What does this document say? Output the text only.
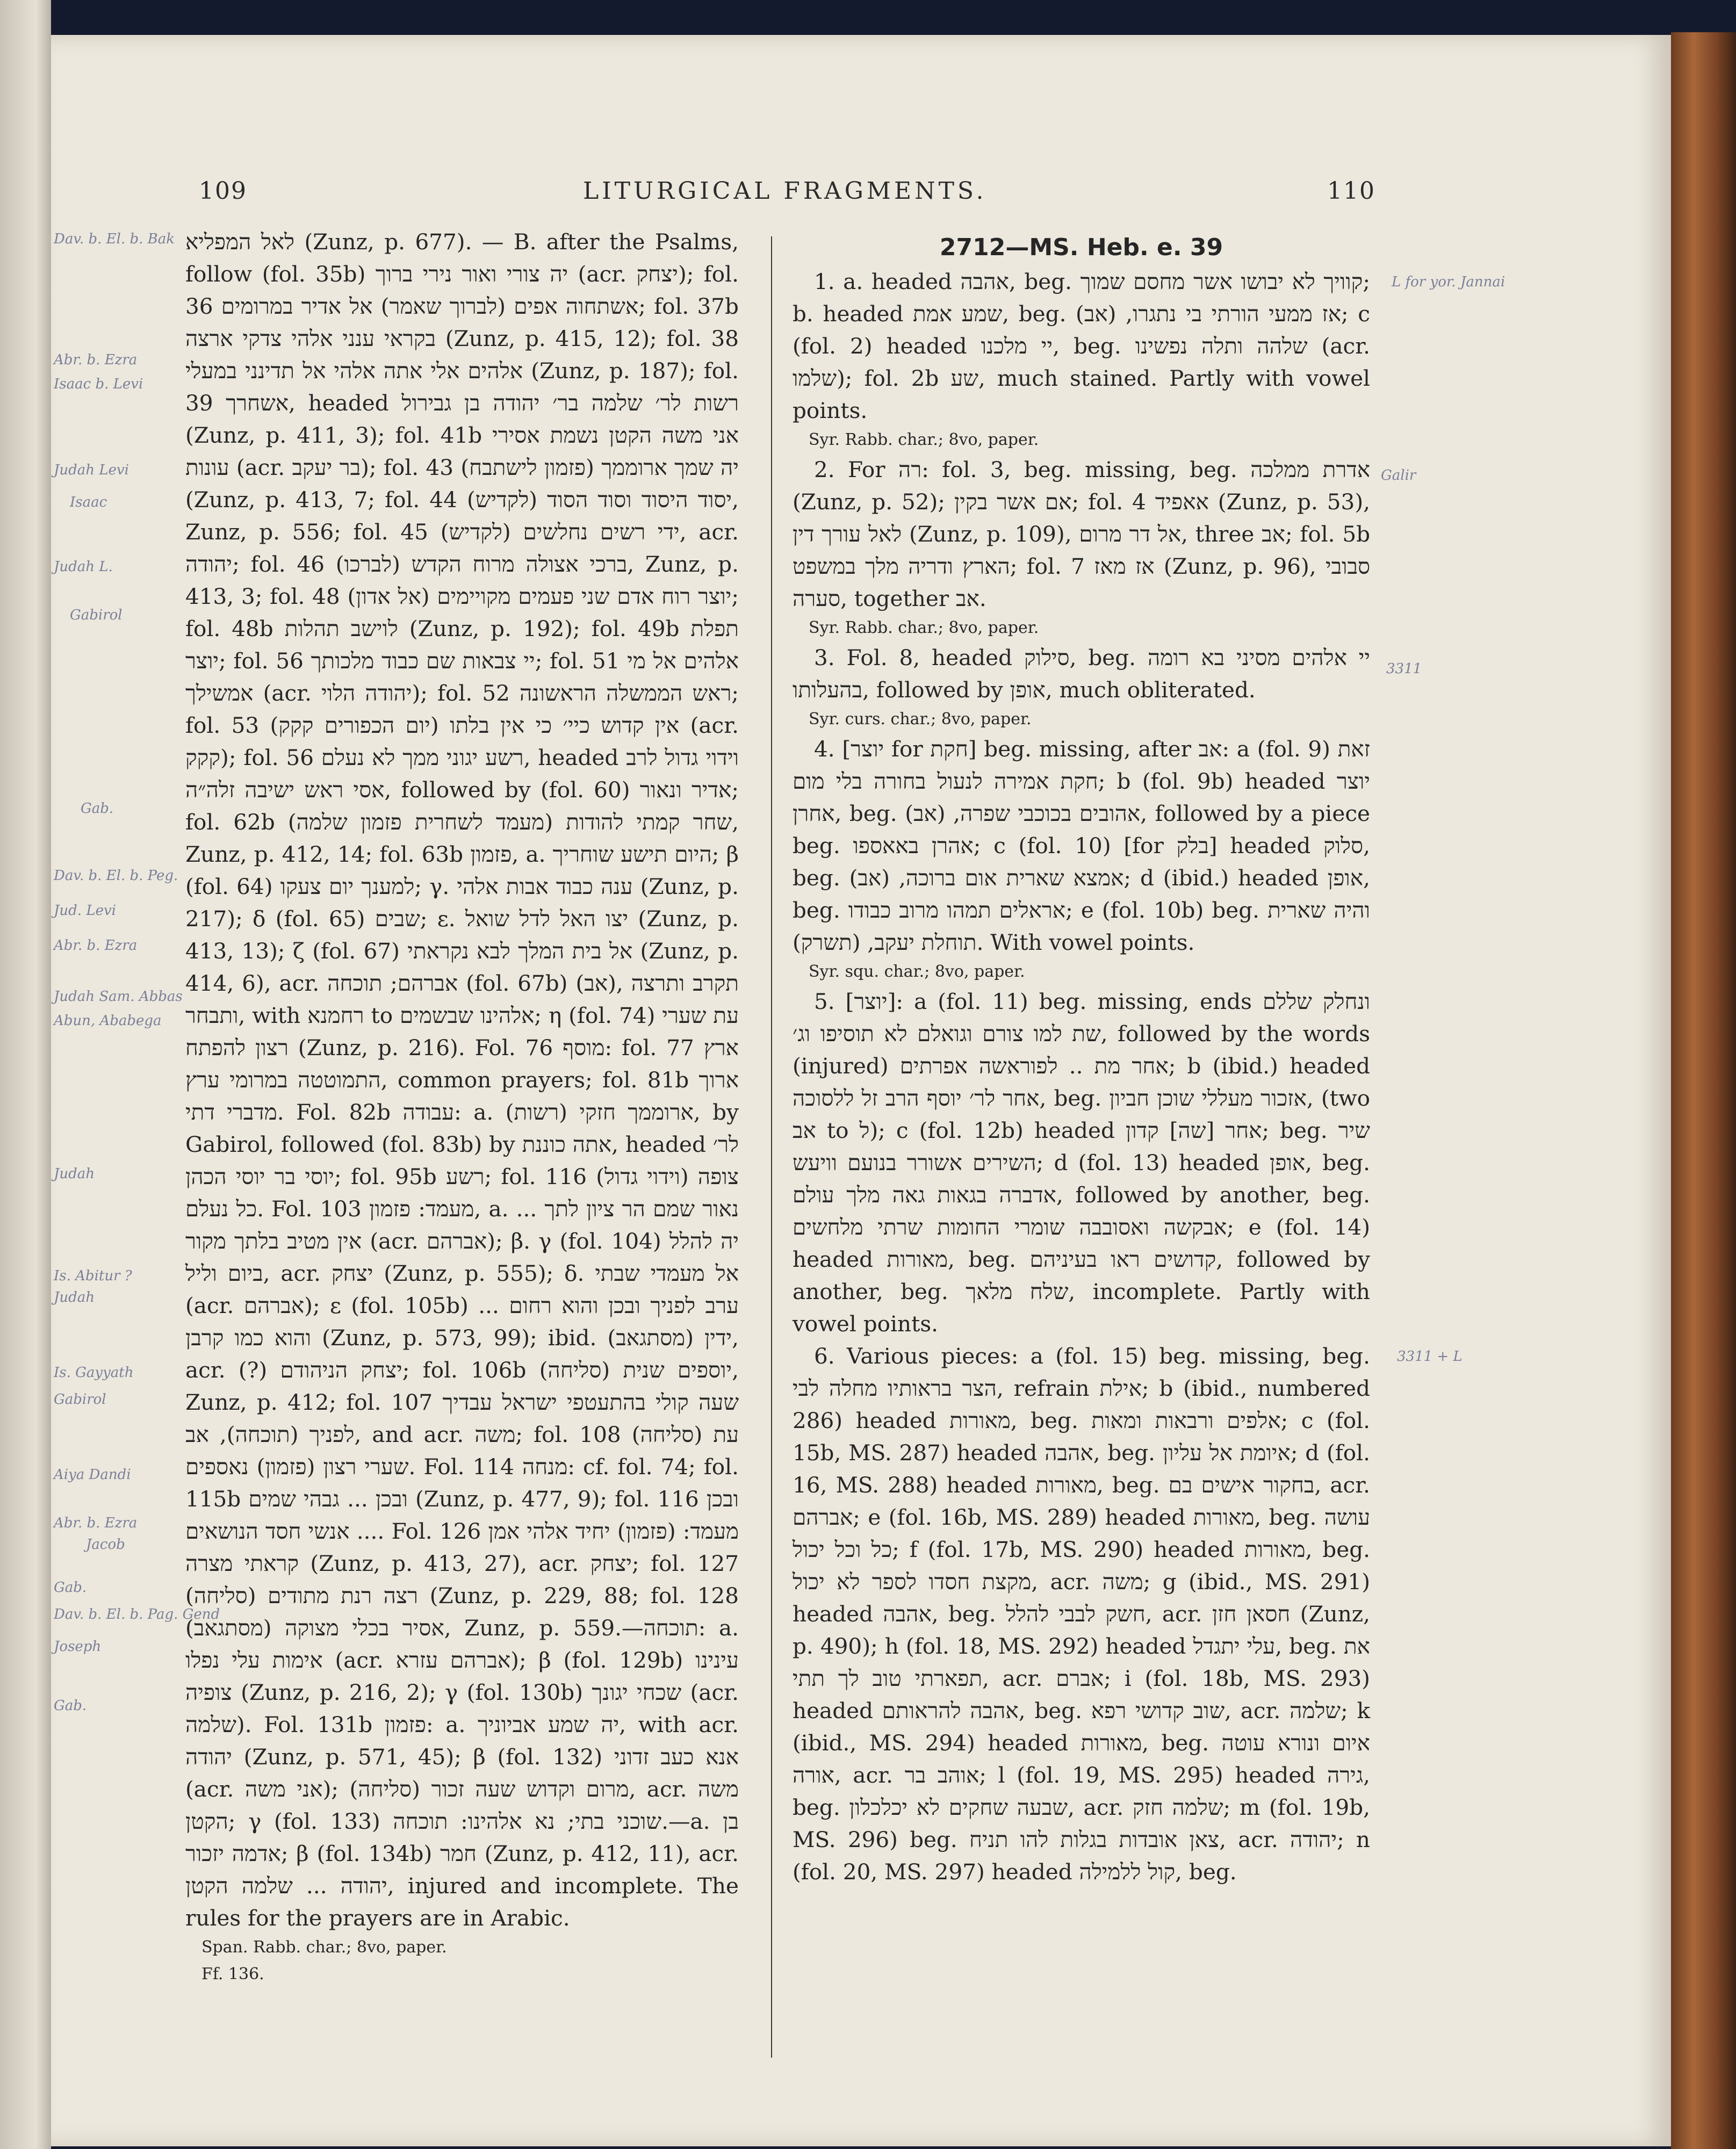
109	LITURGICAL FRAGMENTS.	110

לאל המפליא (Zunz, p. 677). — B. after the Psalms, follow (fol. 35b) יה צורי ואור נירי ברוך (acr. יצחק); fol. 36 אשתחוה אפים (לברוך שאמר) אל אדיר במרומים; fol. 37b בקראי ענני אלהי צדקי ארצה (Zunz, p. 415, 12); fol. 38 אלהים אלי אתה אלהי אל תדינני במעלי (Zunz, p. 187); fol. 39 אשחרך, headed רשות לר׳ שלמה בר׳ יהודה בן גבירול (Zunz, p. 411, 3); fol. 41b אני משה הקטן נשמת אסירי עונות (acr. בר יעקב); fol. 43 (פזמון לישתבח) יה שמך ארוממך (Zunz, p. 413, 7; fol. 44 (לקדיש) יסוד היסוד וסוד הסוד, Zunz, p. 556; fol. 45 (לקדיש) ידי רשים נחלשים, acr. יהודה; fol. 46 (לברכו) ברכי אצולה מרוח הקדש, Zunz, p. 413, 3; fol. 48 (אל אדון) יוצר רוח אדם שני פעמים מקויימים; fol. 48b לוישב תהלות (Zunz, p. 192); fol. 49b תפלת יוצר; fol. 56 יי צבאות שם כבוד מלכותך; fol. 51 אלהים אל מי אמשילך (acr. יהודה הלוי); fol. 52 ראש הממשלה הראשונה; fol. 53 (יום הכפורים קקק) אין קדוש כיי׳ כי אין בלתו (acr. קקק); fol. 56 רשע יגוני ממך לא נעלם, headed וידוי גדול לרב אסי ראש ישיבה זלה״ה, followed by (fol. 60) אדיר ונאור; fol. 62b (מעמד לשחרית פזמון שלמה) שחר קמתי להודות, Zunz, p. 412, 14; fol. 63b פזמון, a. היום תישע שוחריך; β (fol. 64) למענך יום צעקו; γ. ענה כבוד אבות אלהי (Zunz, p. 217); δ (fol. 65) שבים; ε. יצו האל לדל שואל (Zunz, p. 413, 13); ζ (fol. 67) אל בית המלך לבא נקראתי (Zunz, p. 414, 6), acr. אברהם; תוכחה (fol. 67b) (אב), תקרב ותרצה ותבחר, with רחמנא to אלהינו שבשמים; η (fol. 74) עת שערי רצון להפתח (Zunz, p. 216). Fol. 76 מוסף: fol. 77 ארץ התמוטטה במרומי ערץ, common prayers; fol. 81b ארוך מדברי דתי. Fol. 82b עבודה: a. ארוממך חזקי (רשות), by Gabirol, followed (fol. 83b) by אתה כוננת, headed לר׳ יוסי בר יוסי הכהן; fol. 95b רשע; fol. 116 (וידוי גדול) צופה כל נעלם. Fol. 103 מעמד: פזמון, a. נאור שמם הר ציון לתך ... אין מטיב בלתך מקור (acr. אברהם); β. γ (fol. 104) יה להלל ביום וליל, acr. יצחק (Zunz, p. 555); δ. אל מעמדי שבתי (acr. אברהם); ε (fol. 105b) ערב לפניך ובכן והוא רחום ... והוא כמו קרבן (Zunz, p. 573, 99); ibid. (מסתגאב) ידין, acr. (?) יצחק הניהודם; fol. 106b יוספים שנית (סליחה), Zunz, p. 412; fol. 107 שעה קולי בהתעטפי ישראל עבדיך לפניך (תוכחה), אב, and acr. משה; fol. 108 (סליחה) עת שערי רצון (פזמון) נאספים. Fol. 114 מנחה: cf. fol. 74; fol. 115b ובכן ... גבהי שמים (Zunz, p. 477, 9); fol. 116 ובכן ... אנשי חסד הנושאים. Fol. 126 מעמד: (פזמון) יחיד אלהי אמן קראתי מצרה (Zunz, p. 413, 27), acr. יצחק; fol. 127 (סליחה) רצה רנת מתודים (Zunz, p. 229, 88; fol. 128 (מסתגאב) אסיר בכלי מצוקה, Zunz, p. 559.—תוכחה: a. אימות עלי נפלו (acr. אברהם עזרא); β (fol. 129b) עינינו צופיה (Zunz, p. 216, 2); γ (fol. 130b) שכחי יגונך (acr. שלמה). Fol. 131b פזמון: a. יה שמע אביוניך, with acr. יהודה (Zunz, p. 571, 45); β (fol. 132) אנא כעב זדוני (acr. אני משה); (סליחה) מרום וקדוש שעה זכור, acr. משה הקטן; γ (fol. 133) שוכני בתי; נא אלהינו: תוכחה.—a. בן אדמה יזכור; β (fol. 134b) חמר (Zunz, p. 412, 11), acr. יהודה ... שלמה הקטן, injured and incomplete. The rules for the prayers are in Arabic.

Span. Rabb. char.; 8vo, paper.

Ff. 136.

2712—MS. Heb. e. 39

1. a. headed אהבה, beg. קוויך לא יבושו אשר מחסם שמוך; b. headed שמע אמת, beg. אז ממעי הורתי בי נתגרו, (אב); c (fol. 2) headed יי מלכנו, beg. שלהה ותלה נפשינו (acr. שלמו); fol. 2b שע, much stained. Partly with vowel points.

Syr. Rabb. char.; 8vo, paper.

2. For רה: fol. 3, beg. missing, beg. אדרת ממלכה (Zunz, p. 52); אם אשר בקין; fol. 4 אאפיד (Zunz, p. 53), לאל עורך דין (Zunz, p. 109), אל דר מרום, three אב; fol. 5b הארץ ודריה מלך במשפט; fol. 7 אז מאז (Zunz, p. 96), סבובי סערה, together אב.

Syr. Rabb. char.; 8vo, paper.

3. Fol. 8, headed סילוק, beg. יי אלהים מסיני בא רומה בהעלותו, followed by אופן, much obliterated.

Syr. curs. char.; 8vo, paper.

4. [יוצר for חקת] beg. missing, after אב: a (fol. 9) זאת חקת אמירה לנעול בחורה בלי מום; b (fol. 9b) headed יוצר אחרן, beg. אהובים בכוכבי שפרה, (אב), followed by a piece beg. אהרן באאספו; c (fol. 10) [for בלק] headed סלוק, beg. אמצא שארית אום ברוכה, (אב); d (ibid.) headed אופן, beg. אראלים תמהו מרוב כבודו; e (fol. 10b) beg. והיה שארית תוחלת יעקב, (תשרק). With vowel points.

Syr. squ. char.; 8vo, paper.

5. [יוצר]: a (fol. 11) beg. missing, ends ונחלק שללם שת למו צורם וגואלם לא תוסיפו וג׳, followed by the words (injured) אחר מת .. לפוראשה אפרתים; b (ibid.) headed אחר לר׳ יוסף הרב זל ללסוכה, beg. אזכור מעללי שוכן חביון, (two אב to ל); c (fol. 12b) headed אחר [שה] קדון; beg. שיר השירים אשורר בנועם וויעש; d (fol. 13) headed אופן, beg. אדברה בגאות גאה מלך עולם, followed by another, beg. אבקשה ואסובבה שומרי החומות שרתי מלחשים; e (fol. 14) headed מאורות, beg. קדושים ראו בעיניהם, followed by another, beg. שלח מלאך, incomplete. Partly with vowel points.

6. Various pieces: a (fol. 15) beg. missing, beg. הצר בראותיו מחלה לבי, refrain אילת; b (ibid., numbered 286) headed מאורות, beg. אלפים ורבאות ומאות; c (fol. 15b, MS. 287) headed אהבה, beg. איומת אל עליון; d (fol. 16, MS. 288) headed מאורות, beg. בחקור אישים בם, acr. אברהם; e (fol. 16b, MS. 289) headed מאורות, beg. עושה כל וכל יכול; f (fol. 17b, MS. 290) headed מאורות, beg. מקצת חסדו לספר לא יכול, acr. משה; g (ibid., MS. 291) headed אהבה, beg. חשק לבבי להלל, acr. חסאן חזן (Zunz, p. 490); h (fol. 18, MS. 292) headed עלי יתגדל, beg. את תפארתי טוב לך תתי, acr. אברם; i (fol. 18b, MS. 293) headed אהבה להראותם, beg. שוב קדושי רפא, acr. שלמה; k (ibid., MS. 294) headed מאורות, beg. איום ונורא עוטה אורה, acr. אוהב בר; l (fol. 19, MS. 295) headed גירה, beg. שבעה שחקים לא יכלכלון, acr. שלמה חזק; m (fol. 19b, MS. 296) beg. צאן אובדות בגלות להו תניח, acr. יהודה; n (fol. 20, MS. 297) headed קול ללמילה, beg.

Dav. b. El. b. Bak
Abr. b. Ezra
Isaac b. Levi
Judah Levi
Isaac
Judah L.
Gabirol
Gab.
Dav. b. El. b. Peg.
Jud. Levi
Abr. b. Ezra
Judah Sam. Abbas
Abun, Ababega
Judah
Is. Abitur ?
Judah
Is. Gayyath
Gabirol
Aiya Dandi
Abr. b. Ezra
Jacob
Gab.
Dav. b. El. b. Pag. Gend
Joseph
Gab.
L for yor. Jannai
Galir
3311
3311 + L
